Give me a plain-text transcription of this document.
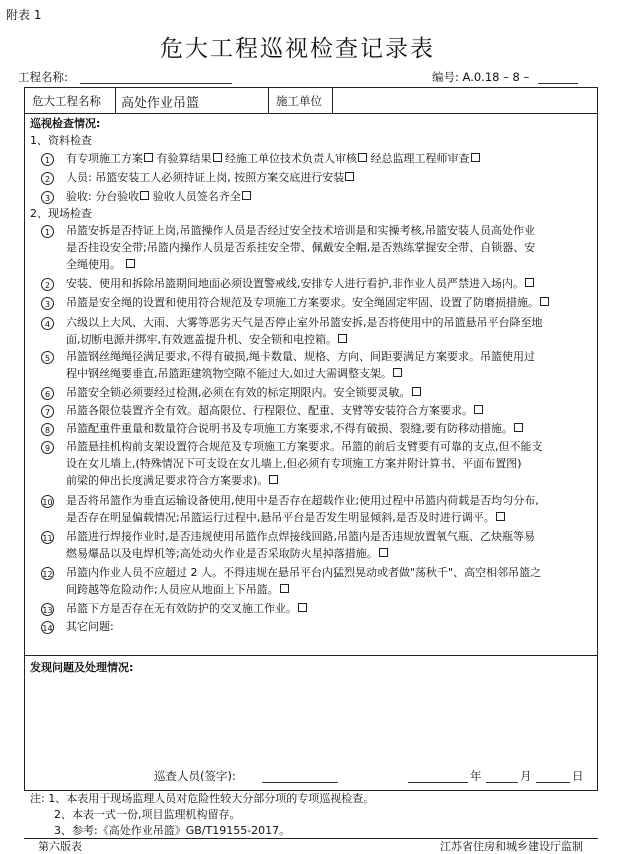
附表 1
危大工程巡视检查记录表
工程名称:	编号: A.0.18 – 8 –
危大工程名称 高处作业吊篮	施工单位
巡视检查情况:
1、资料检查
1	有专项施工方案 有验算结果 经施工单位技术负责人审核 经总监理工程师审查
2	人员: 吊篮安装工人必须持证上岗, 按照方案交底进行安装
3	验收: 分台验收 验收人员签名齐全
2、现场检查
1	吊篮安拆是否持证上岗,吊篮操作人员是否经过安全技术培训是和实操考核,吊篮安装人员高处作业
是否挂设安全带;吊篮内操作人员是否系挂安全带、佩戴安全帽,是否熟练掌握安全带、自锁器、安
全绳使用。
2	安装、使用和拆除吊篮期间地面必须设置警戒线,安排专人进行看护,非作业人员严禁进入场内。
3	吊篮是安全绳的设置和使用符合规范及专项施工方案要求。安全绳固定牢固、设置了防磨损措施。
4	六级以上大风、大雨、大雾等恶劣天气是否停止室外吊篮安拆,是否将使用中的吊篮悬吊平台降至地
面,切断电源并绑牢,有效遮盖提升机、安全锁和电控箱。
5	吊篮钢丝绳绳径满足要求,不得有破损,绳卡数量、规格、方向、间距要满足方案要求。吊篮使用过
程中钢丝绳要垂直,吊篮距建筑物空隙不能过大,如过大需调整支架。
6	吊篮安全锁必须要经过检测,必须在有效的标定期限内。安全锁要灵敏。
7	吊篮各限位装置齐全有效。超高限位、行程限位、配重、支臂等安装符合方案要求。
8	吊篮配重件重量和数量符合说明书及专项施工方案要求,不得有破损、裂缝,要有防移动措施。
9	吊篮悬挂机构前支架设置符合规范及专项施工方案要求。吊篮的前后支臂要有可靠的支点,但不能支
设在女儿墙上,(特殊情况下可支设在女儿墙上,但必须有专项施工方案并附计算书、平面布置图)
前梁的伸出长度满足要求符合方案要求)。
10 是否将吊篮作为垂直运输设备使用,使用中是否存在超载作业;使用过程中吊篮内荷载是否均匀分布,
是否存在明显偏载情况;吊篮运行过程中,悬吊平台是否发生明显倾斜,是否及时进行调平。
11 吊篮进行焊接作业时,是否违规使用吊篮作点焊接线回路,吊篮内是否违规放置氧气瓶、乙炔瓶等易
燃易爆品以及电焊机等;高处动火作业是否采取防火星掉落措施。
12 吊篮内作业人员不应超过 2 人。不得违规在悬吊平台内猛烈晃动或者做"荡秋千"、高空相邻吊篮之
间跨越等危险动作;人员应从地面上下吊篮。
13 吊篮下方是否存在无有效防护的交叉施工作业。
14 其它问题:
发现问题及处理情况:
巡查人员(签字):	年	月	日
注: 1、本表用于现场监理人员对危险性较大分部分项的专项巡视检查。
2、本表一式一份,项目监理机构留存。
3、参考:《高处作业吊篮》GB/T19155-2017。
第六版表	江苏省住房和城乡建设厅监制
